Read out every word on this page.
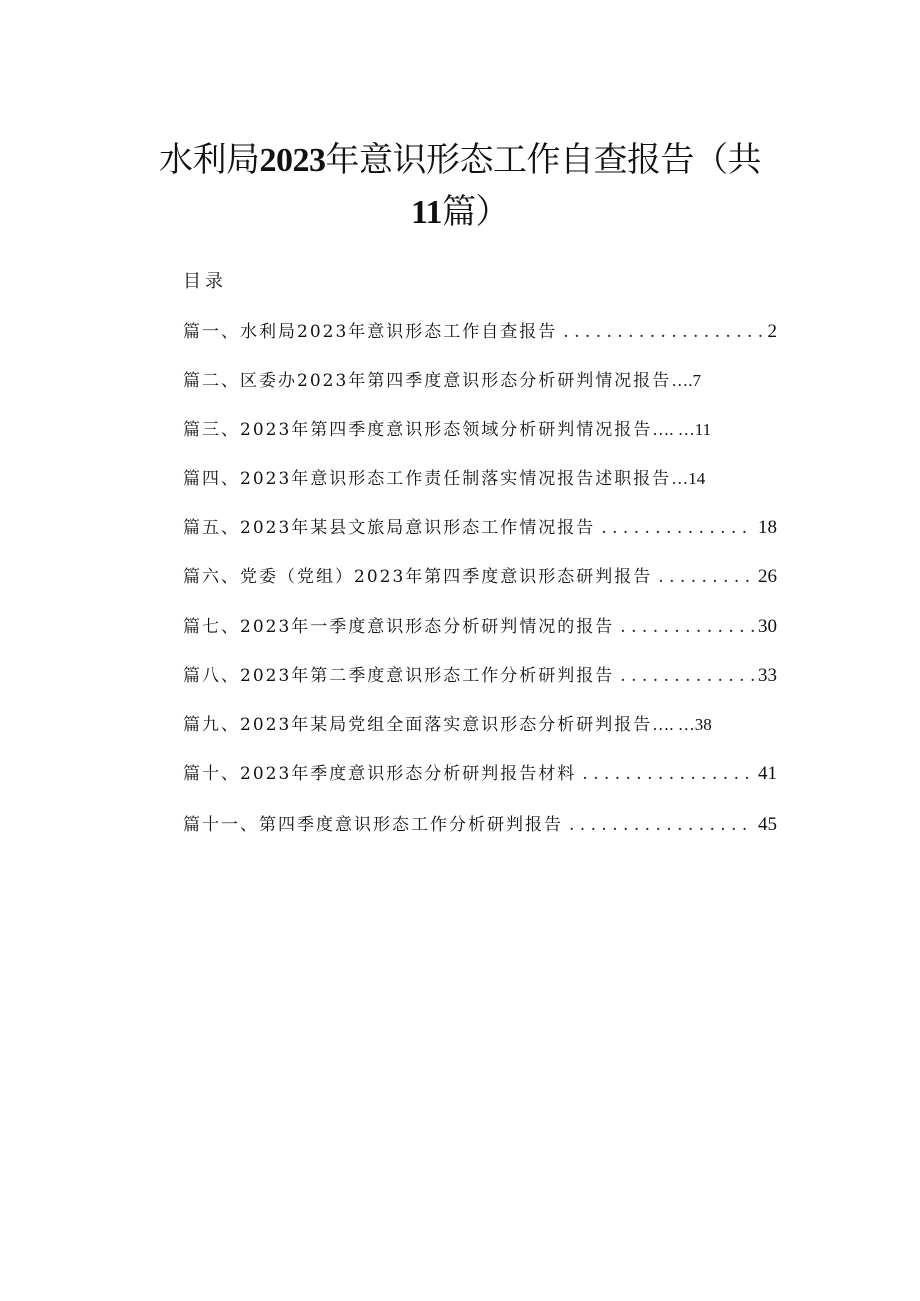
水利局2023年意识形态工作自查报告（共
11篇）
目录
篇一、水利局2023年意识形态工作自查报告 . . .	2
篇二、区委办2023年第四季度意识形态分析研判情况报告 ….7
篇三、2023年第四季度意识形态领域分析研判情况报告 …. …11
篇四、2023年意识形态工作责任制落实情况报告述职报告 …14
篇五、2023年某县文旅局意识形态工作情况报告 . . .	18
篇六、党委（党组）2023年第四季度意识形态研判报告 . . .	26
篇七、2023年一季度意识形态分析研判情况的报告 . . .	30
篇八、2023年第二季度意识形态工作分析研判报告 . . .	33
篇九、2023年某局党组全面落实意识形态分析研判报告 …. …38
篇十、2023年季度意识形态分析研判报告材料 . . .	41
篇十一、第四季度意识形态工作分析研判报告 . . .	45
